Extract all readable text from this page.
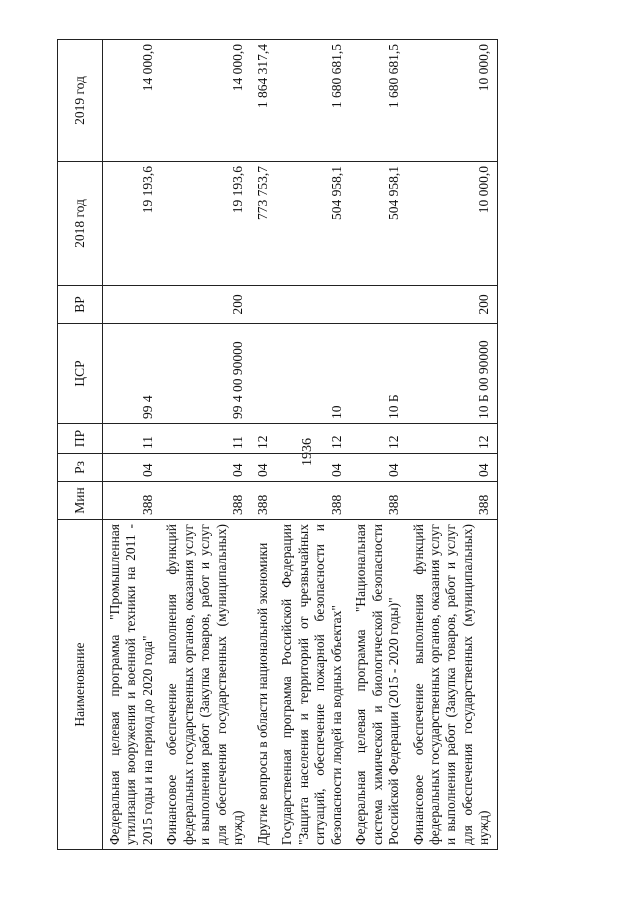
1936
Наименование	Мин	Рз	ПР	ЦСР	ВР	2018 год	2019 год
Федеральная целевая программа "Промышленная утилизация вооружения и военной техники на 2011 - 2015 годы и на период до 2020 года"	388	04	11	99 4		19 193,6	14 000,0
Финансовое обеспечение выполнения функций федеральных государственных органов, оказания услуг и выполнения работ (Закупка товаров, работ и услуг для обеспечения государственных (муниципальных) нужд)	388	04	11	99 4 00 90000	200	19 193,6	14 000,0
Другие вопросы в области национальной экономики	388	04	12			773 753,7	1 864 317,4
Государственная программа Российской Федерации "Защита населения и территорий от чрезвычайных ситуаций, обеспечение пожарной безопасности и безопасности людей на водных объектах"	388	04	12	10		504 958,1	1 680 681,5
Федеральная целевая программа "Национальная система химической и биологической безопасности Российской Федерации (2015 - 2020 годы)"	388	04	12	10 Б		504 958,1	1 680 681,5
Финансовое обеспечение выполнения функций федеральных государственных органов, оказания услуг и выполнения работ (Закупка товаров, работ и услуг для обеспечения государственных (муниципальных) нужд)	388	04	12	10 Б 00 90000	200	10 000,0	10 000,0
